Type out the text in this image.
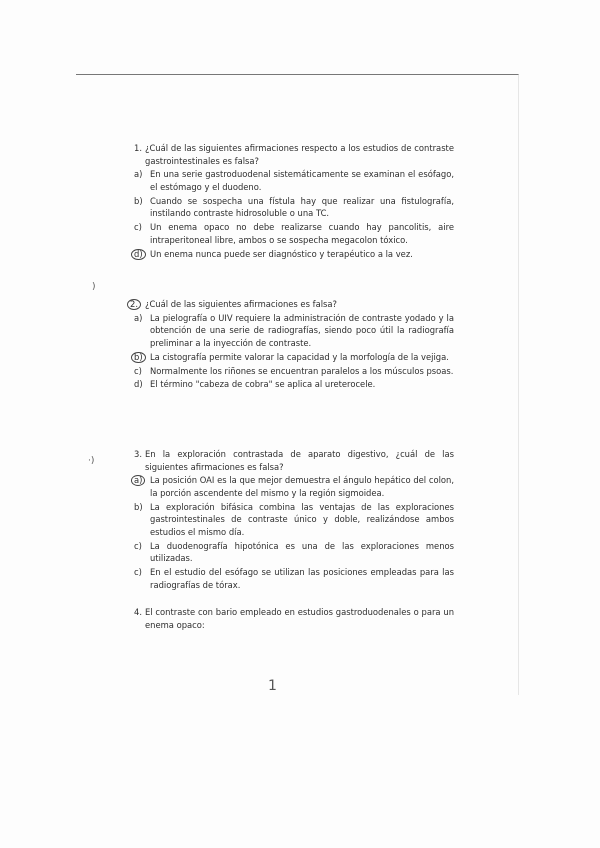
1. ¿Cuál de las siguientes afirmaciones respecto a los estudios de contraste gastrointestinales es falsa?
a) En una serie gastroduodenal sistemáticamente se examinan el esófago, el estómago y el duodeno.
b) Cuando se sospecha una fístula hay que realizar una fistulografía, instilando contraste hidrosoluble o una TC.
c) Un enema opaco no debe realizarse cuando hay pancolitis, aire intraperitoneal libre, ambos o se sospecha megacolon tóxico.
d) Un enema nunca puede ser diagnóstico y terapéutico a la vez.
)
2. ¿Cuál de las siguientes afirmaciones es falsa?
a) La pielografía o UIV requiere la administración de contraste yodado y la obtención de una serie de radiografías, siendo poco útil la radiografía preliminar a la inyección de contraste.
b) La cistografía permite valorar la capacidad y la morfología de la vejiga.
c) Normalmente los riñones se encuentran paralelos a los músculos psoas.
d) El término "cabeza de cobra" se aplica al ureterocele.
·)
3. En la exploración contrastada de aparato digestivo, ¿cuál de las siguientes afirmaciones es falsa?
a) La posición OAI es la que mejor demuestra el ángulo hepático del colon, la porción ascendente del mismo y la región sigmoidea.
b) La exploración bifásica combina las ventajas de las exploraciones gastrointestinales de contraste único y doble, realizándose ambos estudios el mismo día.
c) La duodenografía hipotónica es una de las exploraciones menos utilizadas.
c) En el estudio del esófago se utilizan las posiciones empleadas para las radiografías de tórax.
4. El contraste con bario empleado en estudios gastroduodenales o para un enema opaco:
1
